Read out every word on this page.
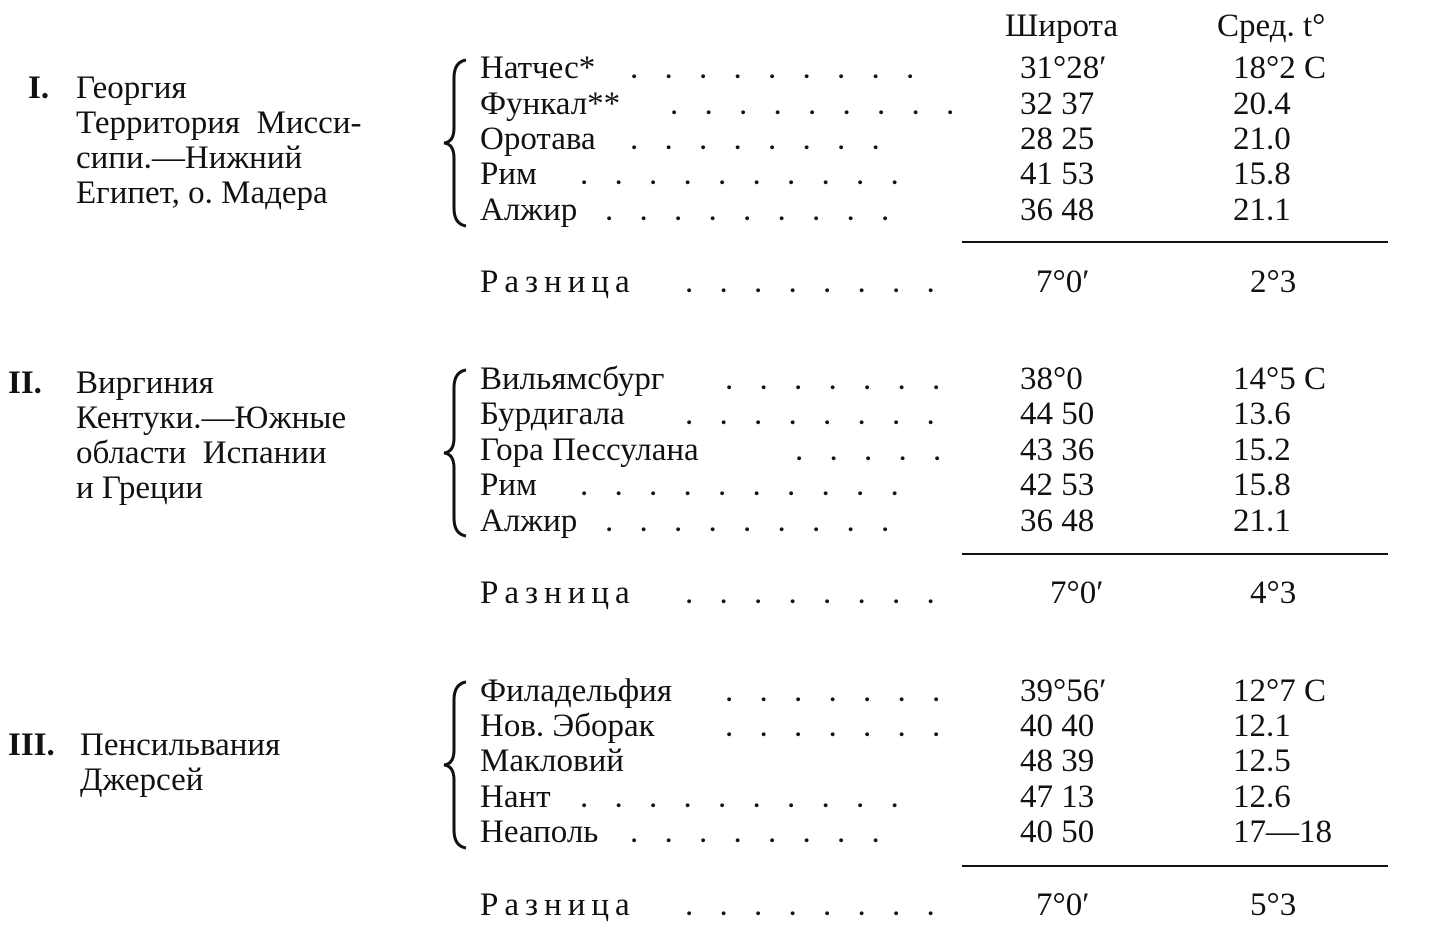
Широта	Сред. t°
I. Георгия
Территория  Мисси-
сипи.—Нижний
Египет, о. Мадера
Натчес* . . . . . . . . .	31°28′	18°2 С
Функал** . . . . . . . . . 32 37	20.4
Оротава . . . . . . . .	28 25	21.0
Рим . . . . . . . . . .	41 53	15.8
Алжир . . . . . . . . .	36 48	21.1
Разница . . . . . . . .	7°0′	2°3
II. Виргиния
Кентуки.—Южные
области  Испании
и Греции
Вильямсбург . . . . . . . 38°0	14°5 С
Бурдигала . . . . . . . . 44 50	13.6
Гора Пессулана	. . . . . 43 36	15.2
Рим . . . . . . . . . .	42 53	15.8
Алжир . . . . . . . . .	36 48	21.1
Разница . . . . . . . .	7°0′	4°3
III. Пенсильвания
Джерсей
Филадельфия . . . . . . . 39°56′	12°7 С
Нов. Эборак . . . . . . . 40 40	12.1
Макловий	48 39	12.5
Нант . . . . . . . . . .	47 13	12.6
Неаполь . . . . . . . .	40 50	17—18
Разница . . . . . . . .	7°0′	5°3
